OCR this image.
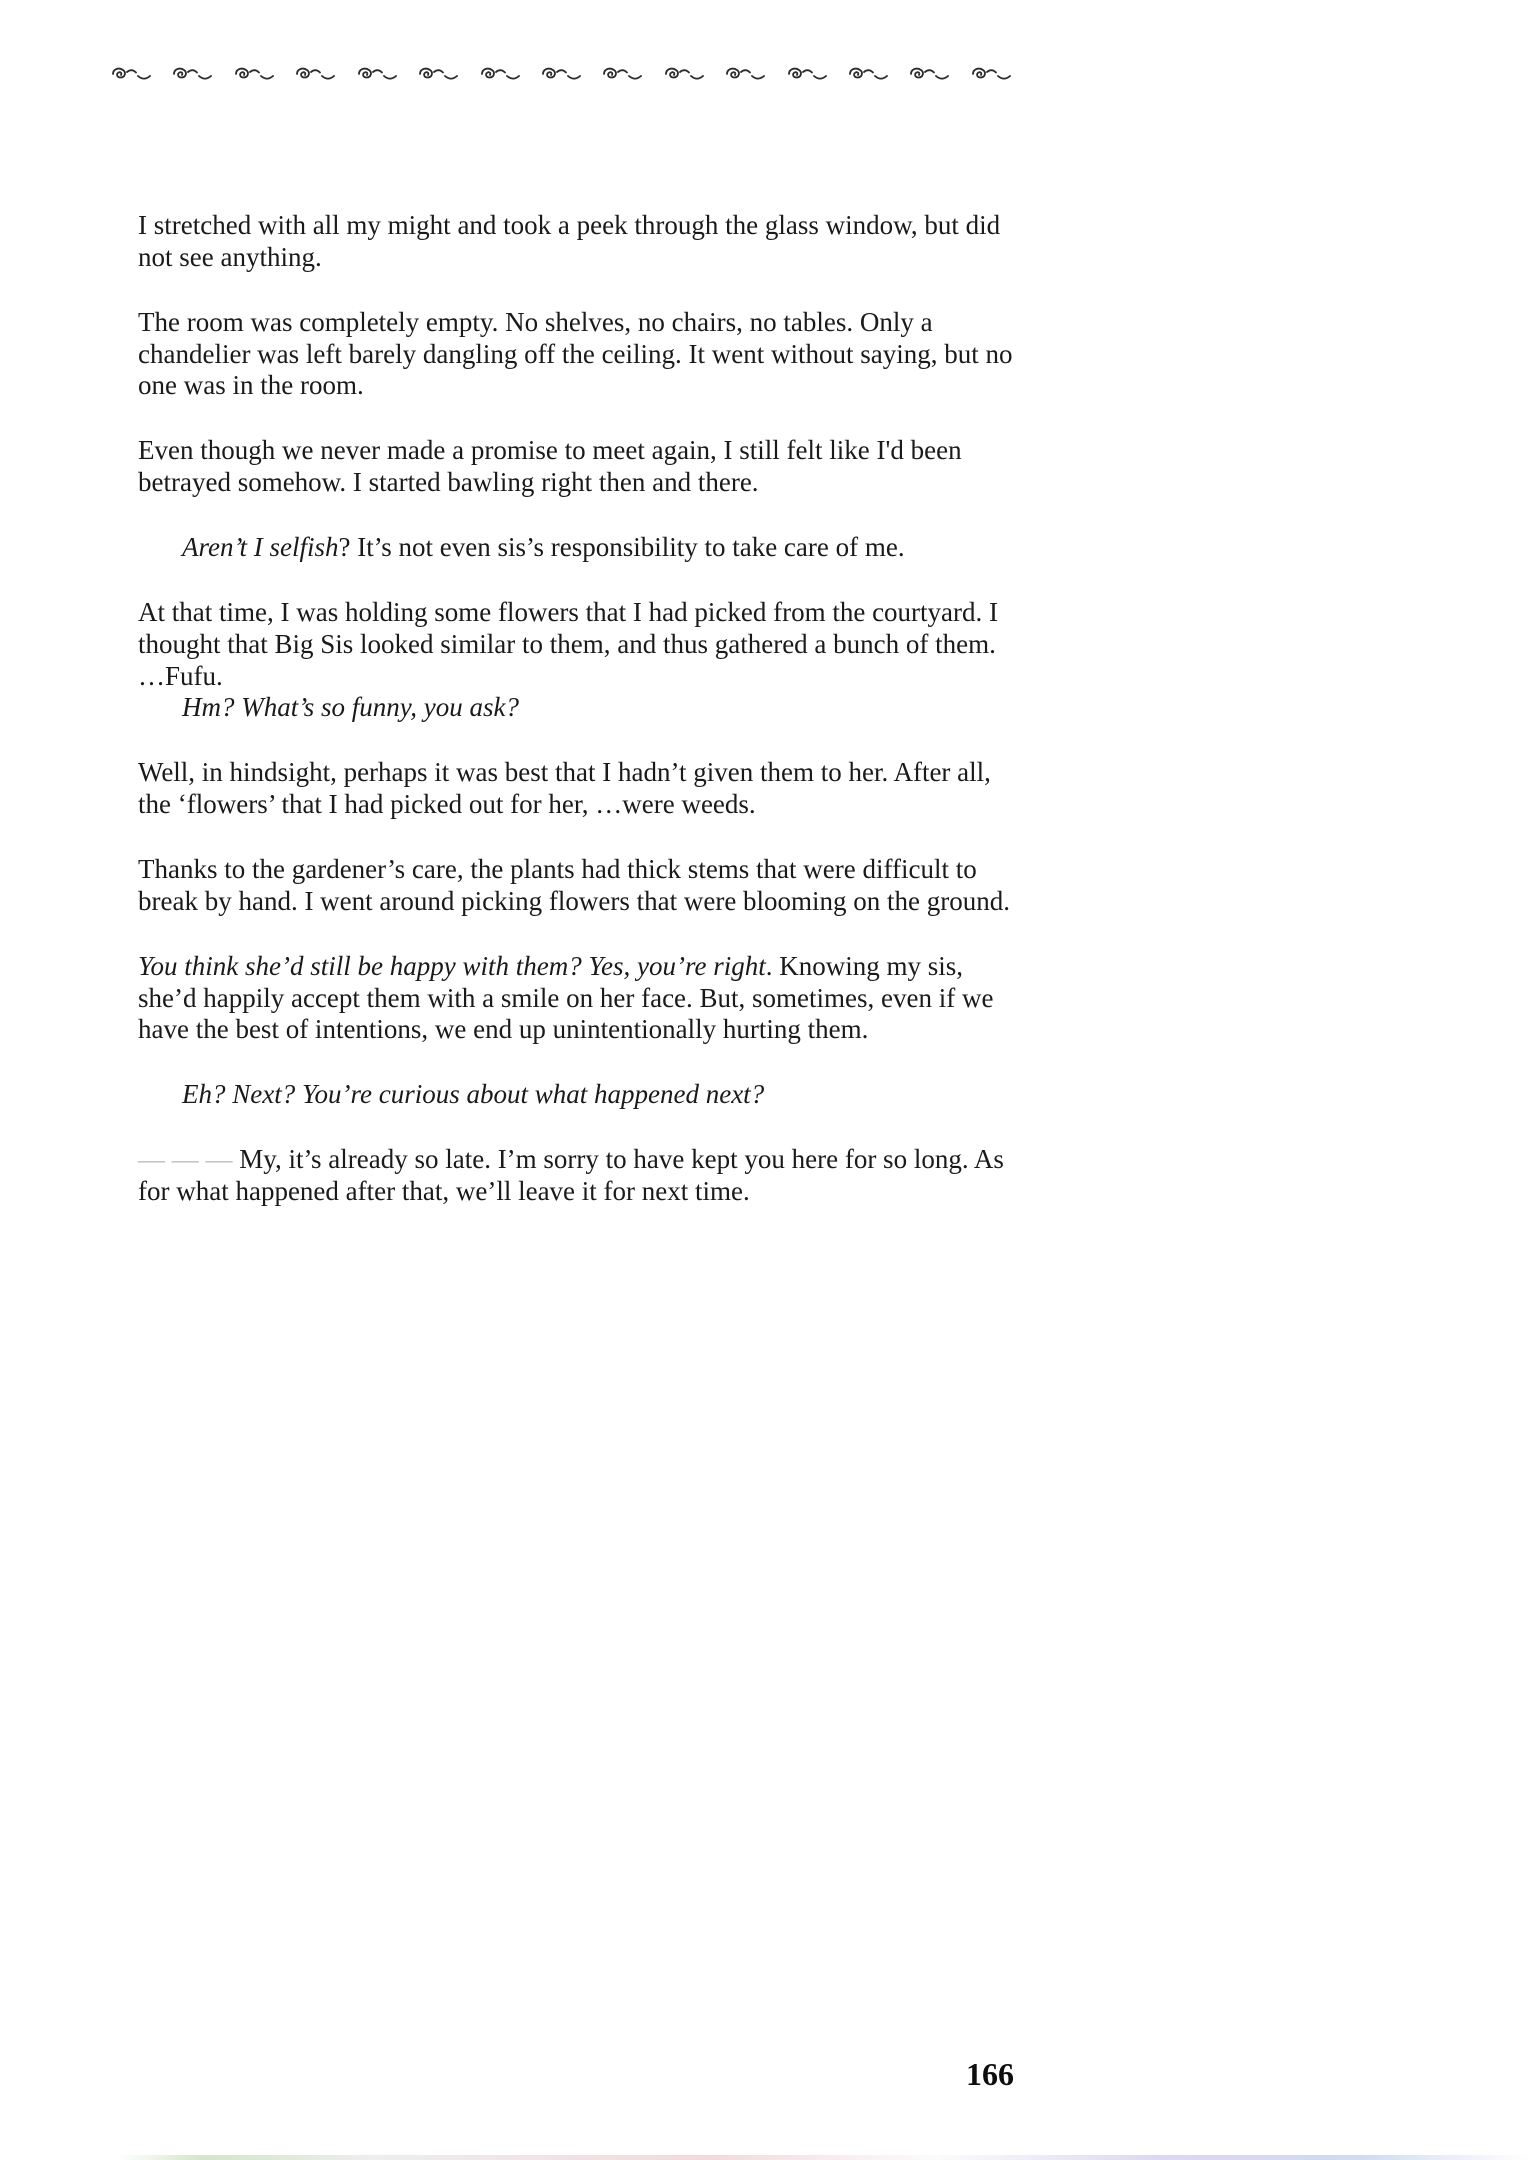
I stretched with all my might and took a peek through the glass window, but did not see anything.

The room was completely empty. No shelves, no chairs, no tables. Only a chandelier was left barely dangling off the ceiling. It went without saying, but no one was in the room.

Even though we never made a promise to meet again, I still felt like I'd been betrayed somehow. I started bawling right then and there.

Aren’t I selfish? It’s not even sis’s responsibility to take care of me.

At that time, I was holding some flowers that I had picked from the courtyard. I thought that Big Sis looked similar to them, and thus gathered a bunch of them. …Fufu.

Hm? What’s so funny, you ask?

Well, in hindsight, perhaps it was best that I hadn’t given them to her. After all, the ‘flowers’ that I had picked out for her, …were weeds.

Thanks to the gardener’s care, the plants had thick stems that were difficult to break by hand. I went around picking flowers that were blooming on the ground.

You think she’d still be happy with them? Yes, you’re right. Knowing my sis, she’d happily accept them with a smile on her face. But, sometimes, even if we have the best of intentions, we end up unintentionally hurting them.

Eh? Next? You’re curious about what happened next?

— — — My, it’s already so late. I’m sorry to have kept you here for so long. As for what happened after that, we’ll leave it for next time.

166
